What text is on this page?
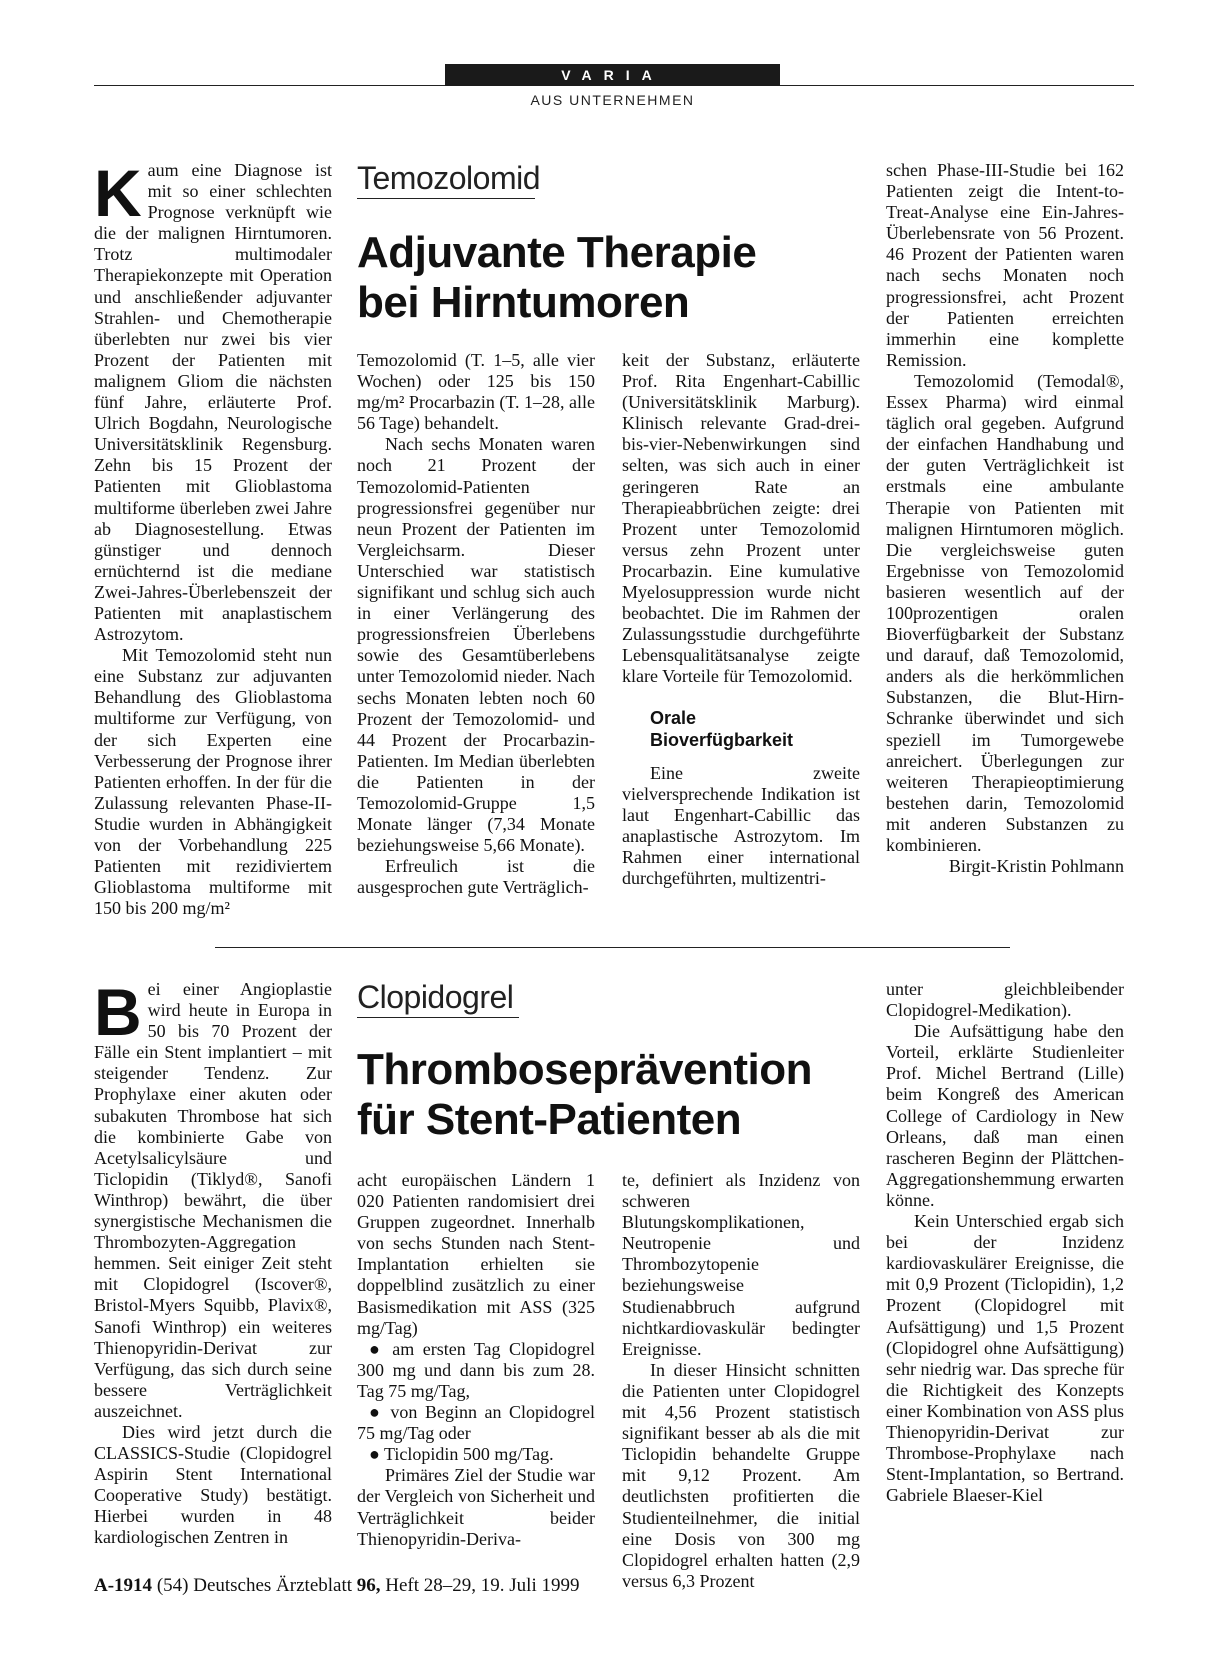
VARIA
AUS UNTERNEHMEN

Kaum eine Diagnose ist mit so einer schlechten Prognose verknüpft wie die der malignen Hirntumoren. Trotz multimodaler Therapiekonzepte mit Operation und anschließender adjuvanter Strahlen- und Chemotherapie überlebten nur zwei bis vier Prozent der Patienten mit malignem Gliom die nächsten fünf Jahre, erläuterte Prof. Ulrich Bogdahn, Neurologische Universitätsklinik Regensburg. Zehn bis 15 Prozent der Patienten mit Glioblastoma multiforme überleben zwei Jahre ab Diagnosestellung. Etwas günstiger und dennoch ernüchternd ist die mediane Zwei-Jahres-Überlebenszeit der Patienten mit anaplastischem Astrozytom.

Mit Temozolomid steht nun eine Substanz zur adjuvanten Behandlung des Glioblastoma multiforme zur Verfügung, von der sich Experten eine Verbesserung der Prognose ihrer Patienten erhoffen. In der für die Zulassung relevanten Phase-II-Studie wurden in Abhängigkeit von der Vorbehandlung 225 Patienten mit rezidiviertem Glioblastoma multiforme mit 150 bis 200 mg/m²

Temozolomid
Adjuvante Therapie
bei Hirntumoren

Temozolomid (T. 1–5, alle vier Wochen) oder 125 bis 150 mg/m² Procarbazin (T. 1–28, alle 56 Tage) behandelt.

Nach sechs Monaten waren noch 21 Prozent der Temozolomid-Patienten progressionsfrei gegenüber nur neun Prozent der Patienten im Vergleichsarm. Dieser Unterschied war statistisch signifikant und schlug sich auch in einer Verlängerung des progressionsfreien Überlebens sowie des Gesamtüberlebens unter Temozolomid nieder. Nach sechs Monaten lebten noch 60 Prozent der Temozolomid- und 44 Prozent der Procarbazin-Patienten. Im Median überlebten die Patienten in der Temozolomid-Gruppe 1,5 Monate länger (7,34 Monate beziehungsweise 5,66 Monate).

Erfreulich ist die ausgesprochen gute Verträglich-

keit der Substanz, erläuterte Prof. Rita Engenhart-Cabillic (Universitätsklinik Marburg). Klinisch relevante Grad-drei-bis-vier-Nebenwirkungen sind selten, was sich auch in einer geringeren Rate an Therapieabbrüchen zeigte: drei Prozent unter Temozolomid versus zehn Prozent unter Procarbazin. Eine kumulative Myelosuppression wurde nicht beobachtet. Die im Rahmen der Zulassungsstudie durchgeführte Lebensqualitätsanalyse zeigte klare Vorteile für Temozolomid.

Orale

Bioverfügbarkeit

Eine zweite vielversprechende Indikation ist laut Engenhart-Cabillic das anaplastische Astrozytom. Im Rahmen einer international durchgeführten, multizentri-

schen Phase-III-Studie bei 162 Patienten zeigt die Intent-to-Treat-Analyse eine Ein-Jahres-Überlebensrate von 56 Prozent. 46 Prozent der Patienten waren nach sechs Monaten noch progressionsfrei, acht Prozent der Patienten erreichten immerhin eine komplette Remission.

Temozolomid (Temodal®, Essex Pharma) wird einmal täglich oral gegeben. Aufgrund der einfachen Handhabung und der guten Verträglichkeit ist erstmals eine ambulante Therapie von Patienten mit malignen Hirntumoren möglich. Die vergleichsweise guten Ergebnisse von Temozolomid basieren wesentlich auf der 100prozentigen oralen Bioverfügbarkeit der Substanz und darauf, daß Temozolomid, anders als die herkömmlichen Substanzen, die Blut-Hirn-Schranke überwindet und sich speziell im Tumorgewebe anreichert. Überlegungen zur weiteren Therapieoptimierung bestehen darin, Temozolomid mit anderen Substanzen zu kombinieren.

Birgit-Kristin Pohlmann

Bei einer Angioplastie wird heute in Europa in 50 bis 70 Prozent der Fälle ein Stent implantiert – mit steigender Tendenz. Zur Prophylaxe einer akuten oder subakuten Thrombose hat sich die kombinierte Gabe von Acetylsalicylsäure und Ticlopidin (Tiklyd®, Sanofi Winthrop) bewährt, die über synergistische Mechanismen die Thrombozyten-Aggregation hemmen. Seit einiger Zeit steht mit Clopidogrel (Iscover®, Bristol-Myers Squibb, Plavix®, Sanofi Winthrop) ein weiteres Thienopyridin-Derivat zur Verfügung, das sich durch seine bessere Verträglichkeit auszeichnet.

Dies wird jetzt durch die CLASSICS-Studie (Clopidogrel Aspirin Stent International Cooperative Study) bestätigt. Hierbei wurden in 48 kardiologischen Zentren in

Clopidogrel
Thromboseprävention
für Stent-Patienten

acht europäischen Ländern 1 020 Patienten randomisiert drei Gruppen zugeordnet. Innerhalb von sechs Stunden nach Stent-Implantation erhielten sie doppelblind zusätzlich zu einer Basismedikation mit ASS (325 mg/Tag)

● am ersten Tag Clopidogrel 300 mg und dann bis zum 28. Tag 75 mg/Tag,

● von Beginn an Clopidogrel 75 mg/Tag oder

● Ticlopidin 500 mg/Tag.

Primäres Ziel der Studie war der Vergleich von Sicherheit und Verträglichkeit beider Thienopyridin-Deriva-

te, definiert als Inzidenz von schweren Blutungskomplikationen, Neutropenie und Thrombozytopenie beziehungsweise Studienabbruch aufgrund nichtkardiovaskulär bedingter Ereignisse.

In dieser Hinsicht schnitten die Patienten unter Clopidogrel mit 4,56 Prozent statistisch signifikant besser ab als die mit Ticlopidin behandelte Gruppe mit 9,12 Prozent. Am deutlichsten profitierten die Studienteilnehmer, die initial eine Dosis von 300 mg Clopidogrel erhalten hatten (2,9 versus 6,3 Prozent

unter gleichbleibender Clopidogrel-Medikation).

Die Aufsättigung habe den Vorteil, erklärte Studienleiter Prof. Michel Bertrand (Lille) beim Kongreß des American College of Cardiology in New Orleans, daß man einen rascheren Beginn der Plättchen-Aggregationshemmung erwarten könne.

Kein Unterschied ergab sich bei der Inzidenz kardiovaskulärer Ereignisse, die mit 0,9 Prozent (Ticlopidin), 1,2 Prozent (Clopidogrel mit Aufsättigung) und 1,5 Prozent (Clopidogrel ohne Aufsättigung) sehr niedrig war. Das spreche für die Richtigkeit des Konzepts einer Kombination von ASS plus Thienopyridin-Derivat zur Thrombose-Prophylaxe nach Stent-Implantation, so Bertrand. Gabriele Blaeser-Kiel

A-1914 (54) Deutsches Ärzteblatt 96, Heft 28–29, 19. Juli 1999
